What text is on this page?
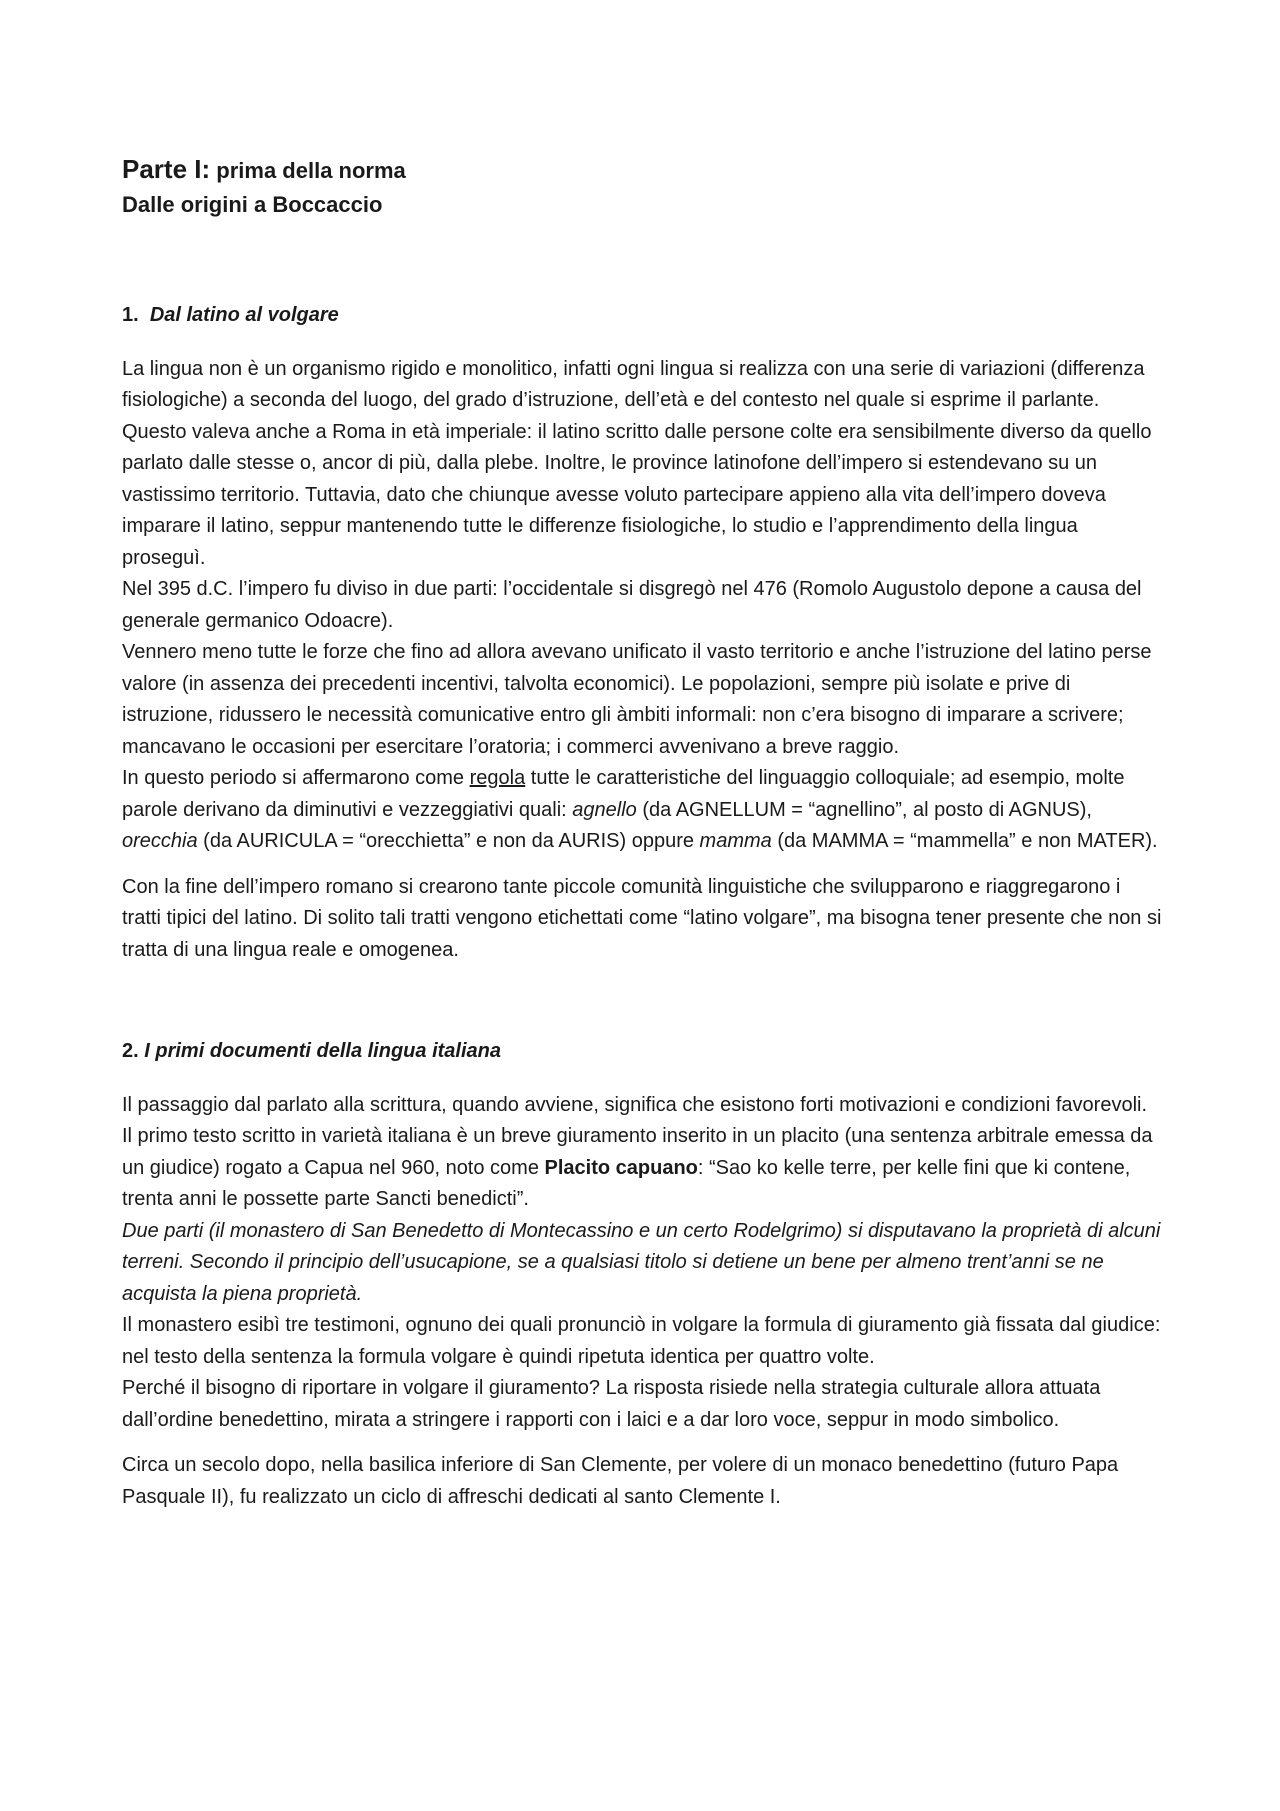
Parte I: prima della norma
Dalle origini a Boccaccio

1. Dal latino al volgare

La lingua non è un organismo rigido e monolitico, infatti ogni lingua si realizza con una serie di variazioni (differenza fisiologiche) a seconda del luogo, del grado d’istruzione, dell’età e del contesto nel quale si esprime il parlante.

Questo valeva anche a Roma in età imperiale: il latino scritto dalle persone colte era sensibilmente diverso da quello parlato dalle stesse o, ancor di più, dalla plebe. Inoltre, le province latinofone dell’impero si estendevano su un vastissimo territorio. Tuttavia, dato che chiunque avesse voluto partecipare appieno alla vita dell’impero doveva imparare il latino, seppur mantenendo tutte le differenze fisiologiche, lo studio e l’apprendimento della lingua proseguì.

Nel 395 d.C. l’impero fu diviso in due parti: l’occidentale si disgregò nel 476 (Romolo Augustolo depone a causa del generale germanico Odoacre).

Vennero meno tutte le forze che fino ad allora avevano unificato il vasto territorio e anche l’istruzione del latino perse valore (in assenza dei precedenti incentivi, talvolta economici). Le popolazioni, sempre più isolate e prive di istruzione, ridussero le necessità comunicative entro gli àmbiti informali: non c’era bisogno di imparare a scrivere; mancavano le occasioni per esercitare l’oratoria; i commerci avvenivano a breve raggio.

In questo periodo si affermarono come regola tutte le caratteristiche del linguaggio colloquiale; ad esempio, molte parole derivano da diminutivi e vezzeggiativi quali: agnello (da AGNELLUM = “agnellino”, al posto di AGNUS), orecchia (da AURICULA = “orecchietta” e non da AURIS) oppure mamma (da MAMMA = “mammella” e non MATER).

Con la fine dell’impero romano si crearono tante piccole comunità linguistiche che svilupparono e riaggregarono i tratti tipici del latino. Di solito tali tratti vengono etichettati come “latino volgare”, ma bisogna tener presente che non si tratta di una lingua reale e omogenea.

2. I primi documenti della lingua italiana

Il passaggio dal parlato alla scrittura, quando avviene, significa che esistono forti motivazioni e condizioni favorevoli.

Il primo testo scritto in varietà italiana è un breve giuramento inserito in un placito (una sentenza arbitrale emessa da un giudice) rogato a Capua nel 960, noto come Placito capuano: “Sao ko kelle terre, per kelle fini que ki contene, trenta anni le possette parte Sancti benedicti”.

Due parti (il monastero di San Benedetto di Montecassino e un certo Rodelgrimo) si disputavano la proprietà di alcuni terreni. Secondo il principio dell’usucapione, se a qualsiasi titolo si detiene un bene per almeno trent’anni se ne acquista la piena proprietà.

Il monastero esibì tre testimoni, ognuno dei quali pronunciò in volgare la formula di giuramento già fissata dal giudice: nel testo della sentenza la formula volgare è quindi ripetuta identica per quattro volte.

Perché il bisogno di riportare in volgare il giuramento? La risposta risiede nella strategia culturale allora attuata dall’ordine benedettino, mirata a stringere i rapporti con i laici e a dar loro voce, seppur in modo simbolico.

Circa un secolo dopo, nella basilica inferiore di San Clemente, per volere di un monaco benedettino (futuro Papa Pasquale II), fu realizzato un ciclo di affreschi dedicati al santo Clemente I.
